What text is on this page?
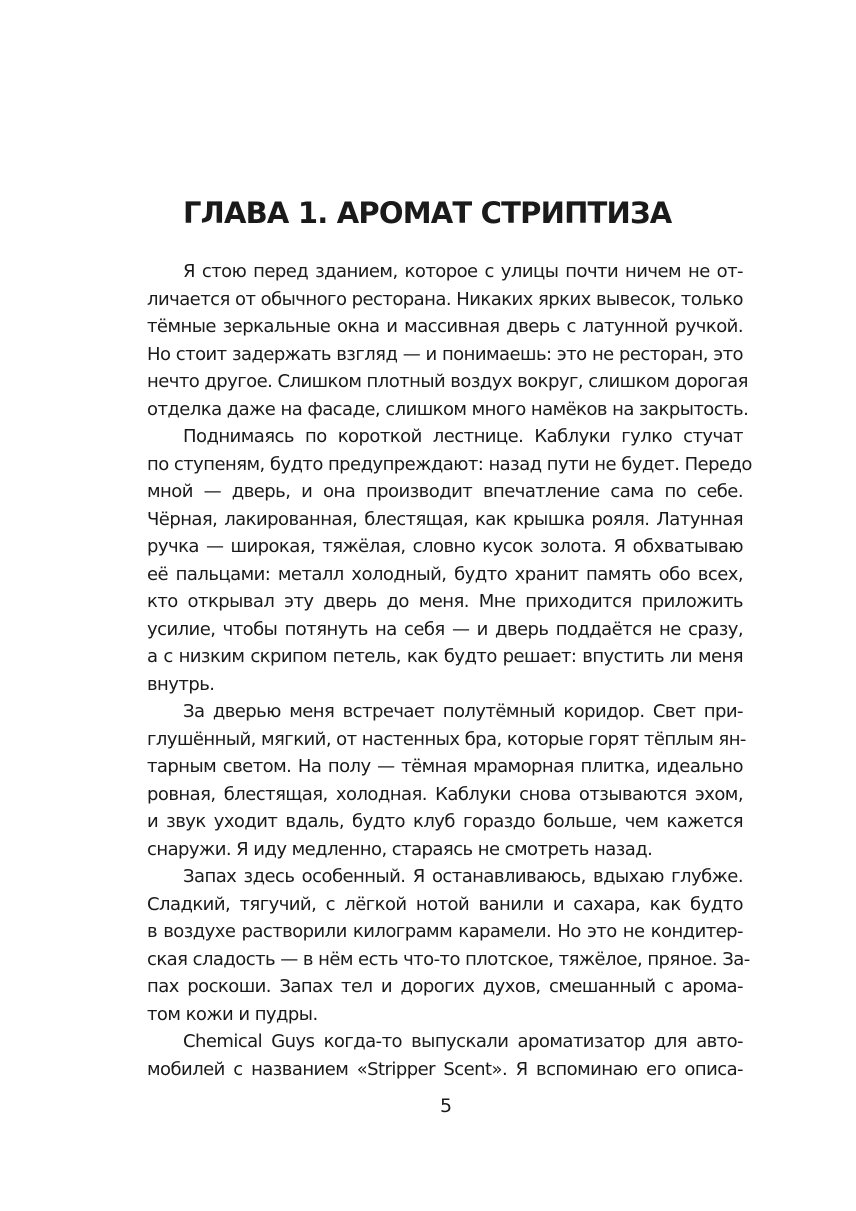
ГЛАВА 1. АРОМАТ СТРИПТИЗА
Я стою перед зданием, которое с улицы почти ничем не от-
личается от обычного ресторана. Никаких ярких вывесок, только
тёмные зеркальные окна и массивная дверь с латунной ручкой.
Но стоит задержать взгляд — и понимаешь: это не ресторан, это
нечто другое. Слишком плотный воздух вокруг, слишком дорогая
отделка даже на фасаде, слишком много намёков на закрытость.
Поднимаясь по короткой лестнице. Каблуки гулко стучат
по ступеням, будто предупреждают: назад пути не будет. Передо
мной — дверь, и она производит впечатление сама по себе.
Чёрная, лакированная, блестящая, как крышка рояля. Латунная
ручка — широкая, тяжёлая, словно кусок золота. Я обхватываю
её пальцами: металл холодный, будто хранит память обо всех,
кто открывал эту дверь до меня. Мне приходится приложить
усилие, чтобы потянуть на себя — и дверь поддаётся не сразу,
а с низким скрипом петель, как будто решает: впустить ли меня
внутрь.
За дверью меня встречает полутёмный коридор. Свет при-
глушённый, мягкий, от настенных бра, которые горят тёплым ян-
тарным светом. На полу — тёмная мраморная плитка, идеально
ровная, блестящая, холодная. Каблуки снова отзываются эхом,
и звук уходит вдаль, будто клуб гораздо больше, чем кажется
снаружи. Я иду медленно, стараясь не смотреть назад.
Запах здесь особенный. Я останавливаюсь, вдыхаю глубже.
Сладкий, тягучий, с лёгкой нотой ванили и сахара, как будто
в воздухе растворили килограмм карамели. Но это не кондитер-
ская сладость — в нём есть что-то плотское, тяжёлое, пряное. За-
пах роскоши. Запах тел и дорогих духов, смешанный с арома-
том кожи и пудры.
Chemical Guys когда-то выпускали ароматизатор для авто-
мобилей с названием «Stripper Scent». Я вспоминаю его описа-
5
